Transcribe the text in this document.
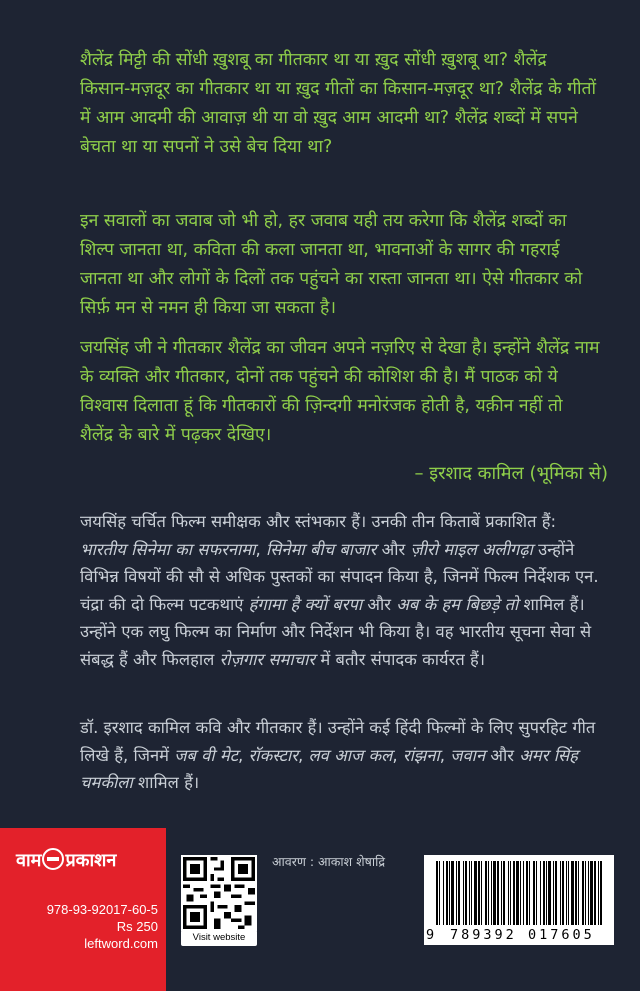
शैलेंद्र मिट्टी की सोंधी ख़ुशबू का गीतकार था या ख़ुद सोंधी ख़ुशबू था? शैलेंद्र किसान-मज़दूर का गीतकार था या ख़ुद गीतों का किसान-मज़दूर था? शैलेंद्र के गीतों में आम आदमी की आवाज़ थी या वो ख़ुद आम आदमी था? शैलेंद्र शब्दों में सपने बेचता था या सपनों ने उसे बेच दिया था?

इन सवालों का जवाब जो भी हो, हर जवाब यही तय करेगा कि शैलेंद्र शब्दों का शिल्प जानता था, कविता की कला जानता था, भावनाओं के सागर की गहराई जानता था और लोगों के दिलों तक पहुंचने का रास्ता जानता था। ऐसे गीतकार को सिर्फ़ मन से नमन ही किया जा सकता है।

जयसिंह जी ने गीतकार शैलेंद्र का जीवन अपने नज़रिए से देखा है। इन्होंने शैलेंद्र नाम के व्यक्ति और गीतकार, दोनों तक पहुंचने की कोशिश की है। मैं पाठक को ये विश्वास दिलाता हूं कि गीतकारों की ज़िन्दगी मनोरंजक होती है, यक़ीन नहीं तो शैलेंद्र के बारे में पढ़कर देखिए।

– इरशाद कामिल (भूमिका से)

जयसिंह चर्चित फिल्म समीक्षक और स्तंभकार हैं। उनकी तीन किताबें प्रकाशित हैं: भारतीय सिनेमा का सफरनामा, सिनेमा बीच बाजार और ज़ीरो माइल अलीगढ़ा उन्होंने विभिन्न विषयों की सौ से अधिक पुस्तकों का संपादन किया है, जिनमें फिल्म निर्देशक एन. चंद्रा की दो फिल्म पटकथाएं हंगामा है क्यों बरपा और अब के हम बिछड़े तो शामिल हैं। उन्होंने एक लघु फिल्म का निर्माण और निर्देशन भी किया है। वह भारतीय सूचना सेवा से संबद्ध हैं और फिलहाल रोज़गार समाचार में बतौर संपादक कार्यरत हैं।

डॉ. इरशाद कामिल कवि और गीतकार हैं। उन्होंने कई हिंदी फिल्मों के लिए सुपरहिट गीत लिखे हैं, जिनमें जब वी मेट, रॉकस्टार, लव आज कल, रांझना, जवान और अमर सिंह चमकीला शामिल हैं।

वाम प्रकाशन
978-93-92017-60-5
Rs 250
leftword.com	Visit website
आवरण : आकाश शेषाद्रि
9 789392 017605
